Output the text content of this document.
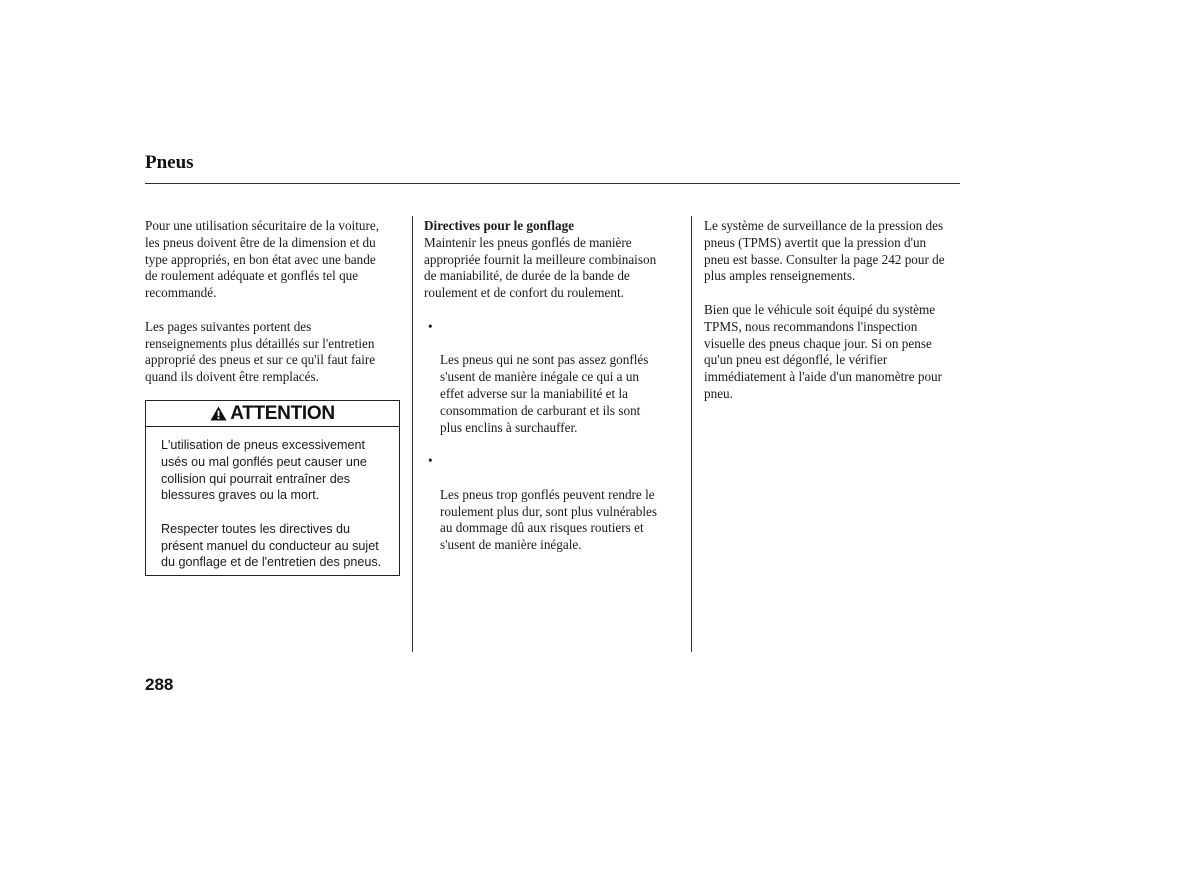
Pneus

Pour une utilisation sécuritaire de la voiture,
les pneus doivent être de la dimension et du
type appropriés, en bon état avec une bande
de roulement adéquate et gonflés tel que
recommandé.

Les pages suivantes portent des
renseignements plus détaillés sur l'entretien
approprié des pneus et sur ce qu'il faut faire
quand ils doivent être remplacés.

ATTENTION

L'utilisation de pneus excessivement
usés ou mal gonflés peut causer une
collision qui pourrait entraîner des
blessures graves ou la mort.

Respecter toutes les directives du
présent manuel du conducteur au sujet
du gonflage et de l'entretien des pneus.

Directives pour le gonflage

Maintenir les pneus gonflés de manière
appropriée fournit la meilleure combinaison
de maniabilité, de durée de la bande de
roulement et de confort du roulement.

•

Les pneus qui ne sont pas assez gonflés
s'usent de manière inégale ce qui a un
effet adverse sur la maniabilité et la
consommation de carburant et ils sont
plus enclins à surchauffer.

•

Les pneus trop gonflés peuvent rendre le
roulement plus dur, sont plus vulnérables
au dommage dû aux risques routiers et
s'usent de manière inégale.

Le système de surveillance de la pression des
pneus (TPMS) avertit que la pression d'un
pneu est basse. Consulter la page 242 pour de
plus amples renseignements.

Bien que le véhicule soit équipé du système
TPMS, nous recommandons l'inspection
visuelle des pneus chaque jour. Si on pense
qu'un pneu est dégonflé, le vérifier
immédiatement à l'aide d'un manomètre pour
pneu.

288
